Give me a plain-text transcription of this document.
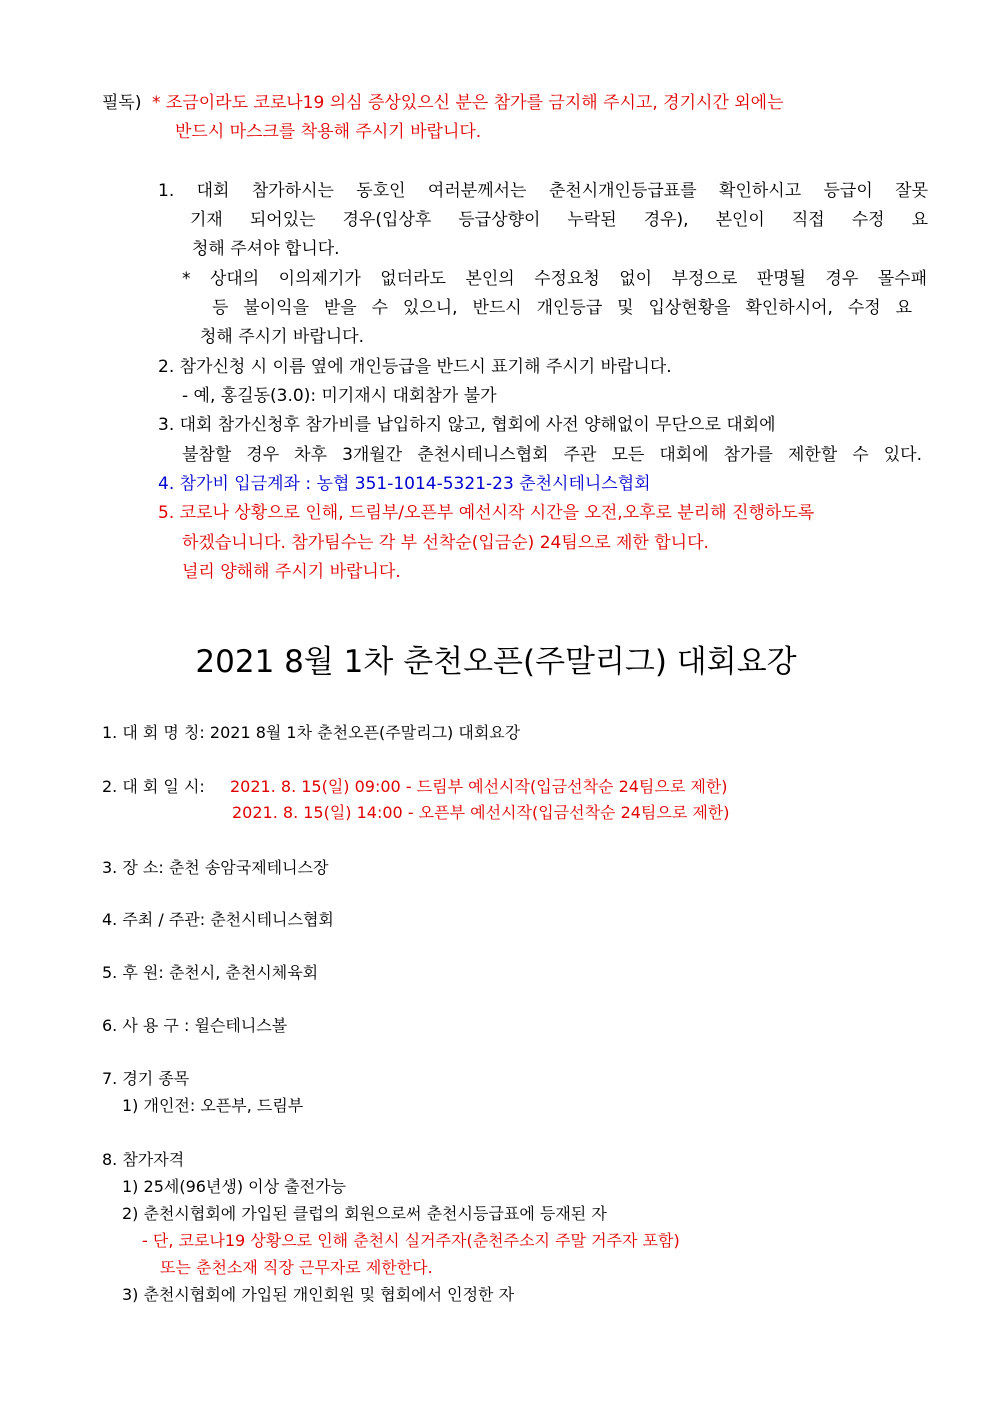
필독) * 조금이라도 코로나19 의심 증상있으신 분은 참가를 금지해 주시고, 경기시간 외에는
반드시 마스크를 착용해 주시기 바랍니다.
1. 대회 참가하시는 동호인 여러분께서는 춘천시개인등급표를 확인하시고 등급이 잘못
기재 되어있는 경우(입상후 등급상향이 누락된 경우), 본인이 직접 수정 요
청해 주셔야 합니다.
* 상대의 이의제기가 없더라도 본인의 수정요청 없이 부정으로 판명될 경우 몰수패
등 불이익을 받을 수 있으니, 반드시 개인등급 및 입상현황을 확인하시어, 수정 요
청해 주시기 바랍니다.
2. 참가신청 시 이름 옆에 개인등급을 반드시 표기해 주시기 바랍니다.
- 예, 홍길동(3.0): 미기재시 대회참가 불가
3. 대회 참가신청후 참가비를 납입하지 않고, 협회에 사전 양해없이 무단으로 대회에
불참할 경우 차후 3개월간 춘천시테니스협회 주관 모든 대회에 참가를 제한할 수 있다.
4. 참가비 입금계좌 : 농협 351-1014-5321-23 춘천시테니스협회
5. 코로나 상황으로 인해, 드림부/오픈부 예선시작 시간을 오전,오후로 분리해 진행하도록
하겠습니니다. 참가팀수는 각 부 선착순(입금순) 24팀으로 제한 합니다.
널리 양해해 주시기 바랍니다.
2021 8월 1차 춘천오픈(주말리그) 대회요강
1. 대 회 명 칭: 2021 8월 1차 춘천오픈(주말리그) 대회요강
2. 대 회 일 시: 2021. 8. 15(일) 09:00 - 드림부 예선시작(입금선착순 24팀으로 제한)
2021. 8. 15(일) 14:00 - 오픈부 예선시작(입금선착순 24팀으로 제한)
3. 장 소: 춘천 송암국제테니스장
4. 주최 / 주관: 춘천시테니스협회
5. 후 원: 춘천시, 춘천시체육회
6. 사 용 구 : 윌슨테니스볼
7. 경기 종목
1) 개인전: 오픈부, 드림부
8. 참가자격
1) 25세(96년생) 이상 출전가능
2) 춘천시협회에 가입된 클럽의 회원으로써 춘천시등급표에 등재된 자
- 단, 코로나19 상황으로 인해 춘천시 실거주자(춘천주소지 주말 거주자 포함)
또는 춘천소재 직장 근무자로 제한한다.
3) 춘천시협회에 가입된 개인회원 및 협회에서 인정한 자
